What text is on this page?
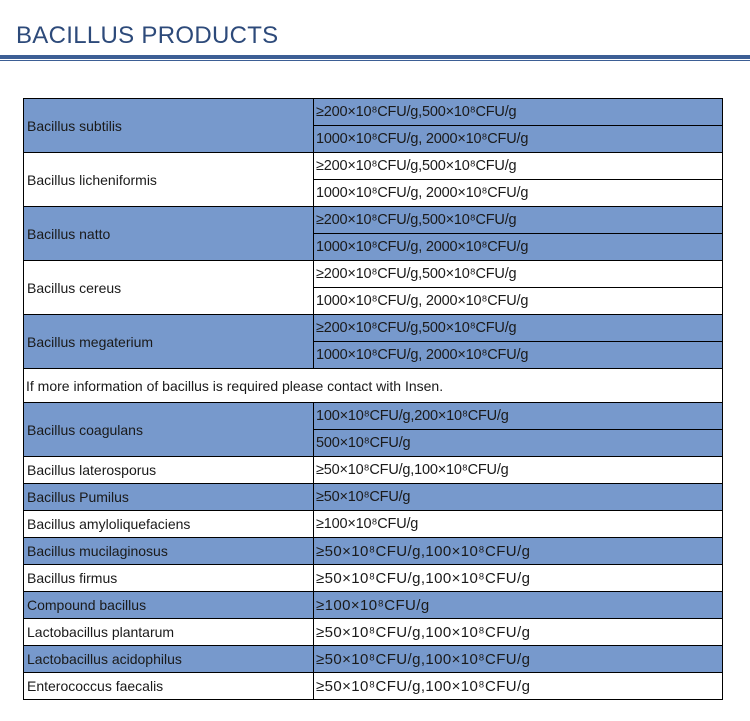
BACILLUS PRODUCTS
Bacillus subtilis	≥200×10⁸CFU/g,500×10⁸CFU/g
	1000×10⁸CFU/g, 2000×10⁸CFU/g
Bacillus licheniformis	≥200×10⁸CFU/g,500×10⁸CFU/g
	1000×10⁸CFU/g, 2000×10⁸CFU/g
Bacillus natto	≥200×10⁸CFU/g,500×10⁸CFU/g
	1000×10⁸CFU/g, 2000×10⁸CFU/g
Bacillus cereus	≥200×10⁸CFU/g,500×10⁸CFU/g
	1000×10⁸CFU/g, 2000×10⁸CFU/g
Bacillus megaterium	≥200×10⁸CFU/g,500×10⁸CFU/g
	1000×10⁸CFU/g, 2000×10⁸CFU/g
If more information of bacillus is required please contact with Insen.	
Bacillus coagulans	100×10⁸CFU/g,200×10⁸CFU/g
	500×10⁸CFU/g
Bacillus laterosporus	≥50×10⁸CFU/g,100×10⁸CFU/g
Bacillus Pumilus	≥50×10⁸CFU/g
Bacillus amyloliquefaciens	≥100×10⁸CFU/g
Bacillus mucilaginosus	≥50×10⁸CFU/g,100×10⁸CFU/g
Bacillus firmus	≥50×10⁸CFU/g,100×10⁸CFU/g
Compound bacillus	≥100×10⁸CFU/g
Lactobacillus plantarum	≥50×10⁸CFU/g,100×10⁸CFU/g
Lactobacillus acidophilus	≥50×10⁸CFU/g,100×10⁸CFU/g
Enterococcus faecalis	≥50×10⁸CFU/g,100×10⁸CFU/g
